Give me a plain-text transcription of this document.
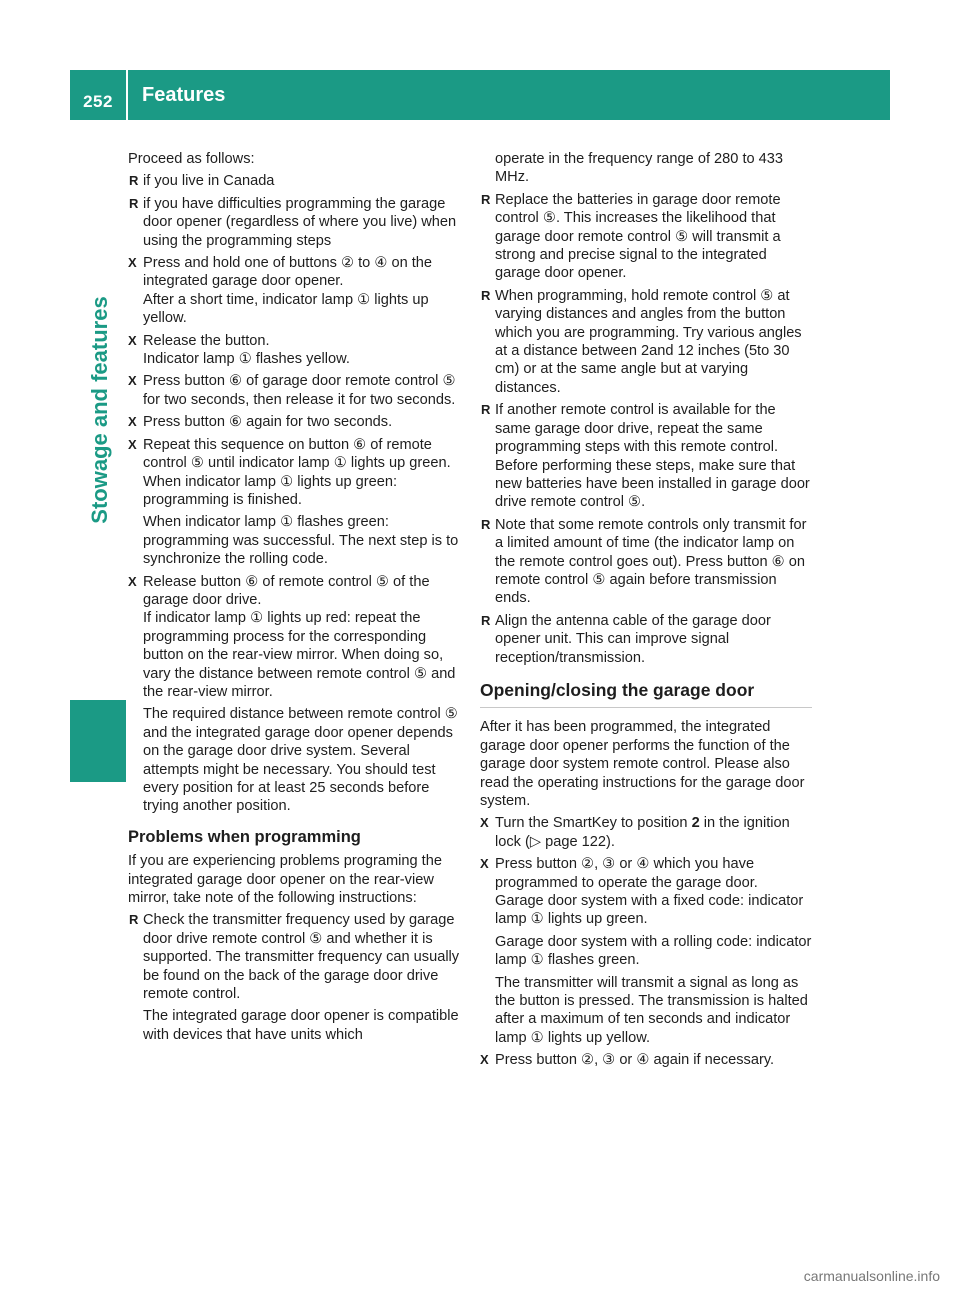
252	Features
Stowage and features

Proceed as follows:

R if you live in Canada
R if you have difficulties programming the garage door opener (regardless of where you live) when using the programming steps
X Press and hold one of buttons ② to ④ on the integrated garage door opener.

After a short time, indicator lamp ① lights up yellow.

X Release the button.

Indicator lamp ① flashes yellow.

X Press button ⑥ of garage door remote control ⑤ for two seconds, then release it for two seconds.

X Press button ⑥ again for two seconds.

X Repeat this sequence on button ⑥ of remote control ⑤ until indicator lamp ① lights up green.

When indicator lamp ① lights up green: programming is finished.

When indicator lamp ① flashes green: programming was successful. The next step is to synchronize the rolling code.

X Release button ⑥ of remote control ⑤ of the garage door drive.

If indicator lamp ① lights up red: repeat the programming process for the corresponding button on the rear-view mirror. When doing so, vary the distance between remote control ⑤ and the rear-view mirror.

The required distance between remote control ⑤ and the integrated garage door opener depends on the garage door drive system. Several attempts might be necessary. You should test every position for at least 25 seconds before trying another position.

Problems when programming

If you are experiencing problems programing the integrated garage door opener on the rear-view mirror, take note of the following instructions:

R Check the transmitter frequency used by garage door drive remote control ⑤ and whether it is supported. The transmitter frequency can usually be found on the back of the garage door drive remote control.

The integrated garage door opener is compatible with devices that have units which

operate in the frequency range of 280 to 433 MHz.

R Replace the batteries in garage door remote control ⑤. This increases the likelihood that garage door remote control ⑤ will transmit a strong and precise signal to the integrated garage door opener.

R When programming, hold remote control ⑤ at varying distances and angles from the button which you are programming. Try various angles at a distance between 2and 12 inches (5to 30 cm) or at the same angle but at varying distances.

R If another remote control is available for the same garage door drive, repeat the same programming steps with this remote control. Before performing these steps, make sure that new batteries have been installed in garage door drive remote control ⑤.

R Note that some remote controls only transmit for a limited amount of time (the indicator lamp on the remote control goes out). Press button ⑥ on remote control ⑤ again before transmission ends.

R Align the antenna cable of the garage door opener unit. This can improve signal reception/transmission.

Opening/closing the garage door

After it has been programmed, the integrated garage door opener performs the function of the garage door system remote control. Please also read the operating instructions for the garage door system.

X Turn the SmartKey to position 2 in the ignition lock (▷ page 122).

X Press button ②, ③ or ④ which you have programmed to operate the garage door.

Garage door system with a fixed code: indicator lamp ① lights up green.

Garage door system with a rolling code: indicator lamp ① flashes green.

The transmitter will transmit a signal as long as the button is pressed. The transmission is halted after a maximum of ten seconds and indicator lamp ① lights up yellow.

X Press button ②, ③ or ④ again if necessary.

carmanualsonline.info
